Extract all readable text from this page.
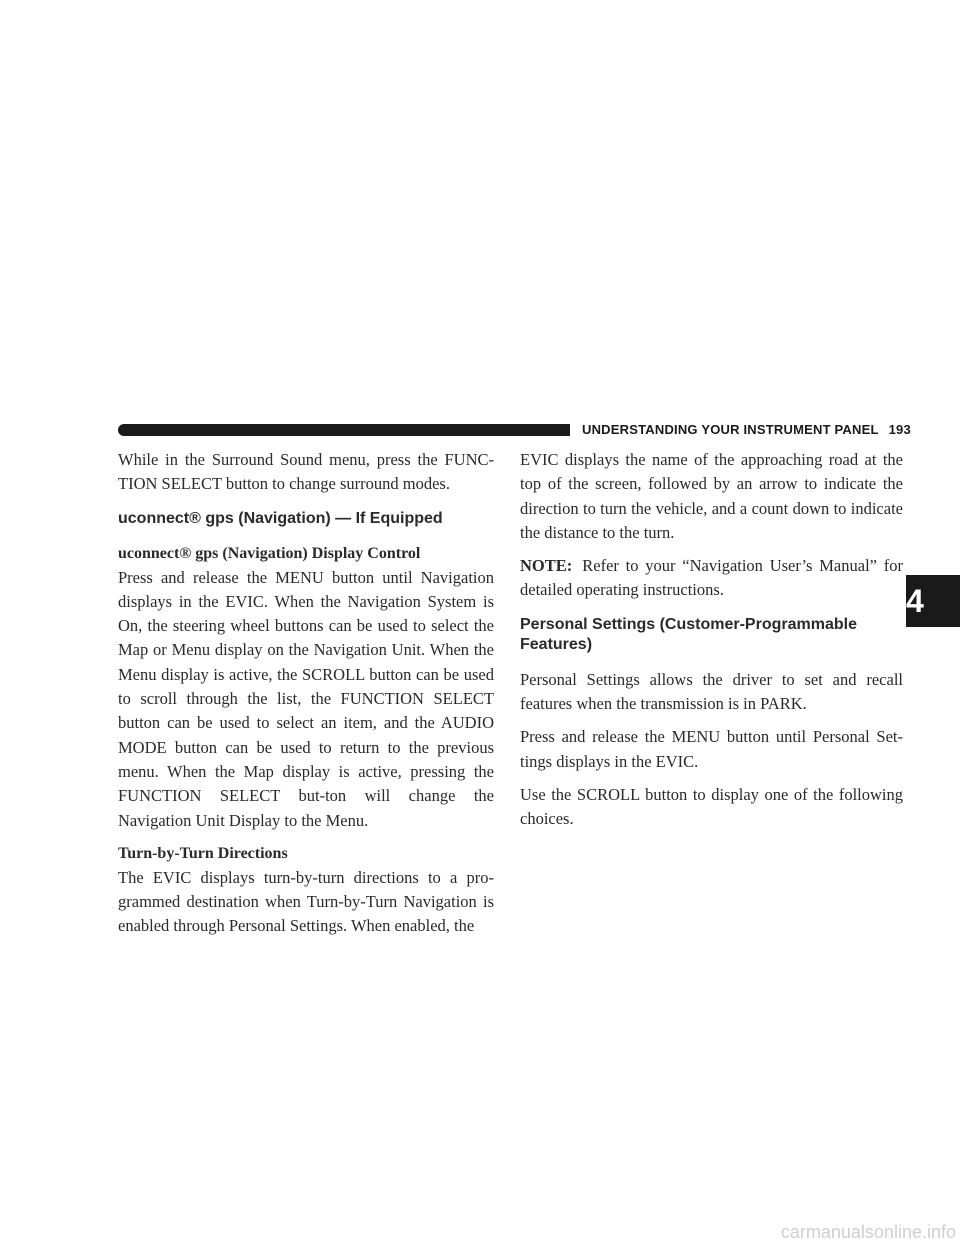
UNDERSTANDING YOUR INSTRUMENT PANEL 193

While in the Surround Sound menu, press the FUNC-TION SELECT button to change surround modes.

uconnect® gps (Navigation) — If Equipped
uconnect® gps (Navigation) Display Control

Press and release the MENU button until Navigation displays in the EVIC. When the Navigation System is On, the steering wheel buttons can be used to select the Map or Menu display on the Navigation Unit. When the Menu display is active, the SCROLL button can be used to scroll through the list, the FUNCTION SELECT button can be used to select an item, and the AUDIO MODE button can be used to return to the previous menu. When the Map display is active, pressing the FUNCTION SELECT but-ton will change the Navigation Unit Display to the Menu.

Turn-by-Turn Directions

The EVIC displays turn-by-turn directions to a pro-grammed destination when Turn-by-Turn Navigation is enabled through Personal Settings. When enabled, the

EVIC displays the name of the approaching road at the top of the screen, followed by an arrow to indicate the direction to turn the vehicle, and a count down to indicate the distance to the turn.

NOTE: Refer to your “Navigation User’s Manual” for detailed operating instructions.

Personal Settings (Customer-Programmable Features)

Personal Settings allows the driver to set and recall features when the transmission is in PARK.

Press and release the MENU button until Personal Set-tings displays in the EVIC.

Use the SCROLL button to display one of the following choices.

4
carmanualsonline.info
